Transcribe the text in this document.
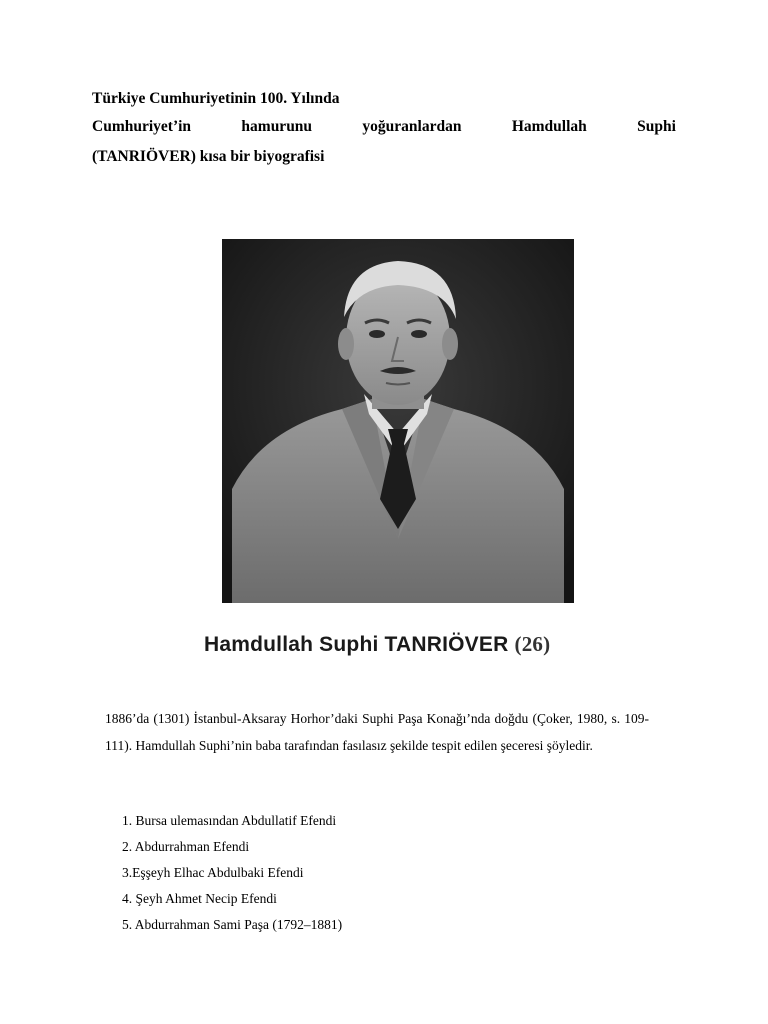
Türkiye Cumhuriyetinin 100. Yılında
Cumhuriyet’in	hamurunu	yoğuranlardan	Hamdullah	Suphi
(TANRIÖVER) kısa bir biyografisi
Hamdullah Suphi TANRIÖVER (26)
1886’da (1301) İstanbul-Aksaray Horhor’daki Suphi Paşa Konağı’nda doğdu (Çoker, 1980, s. 109-111). Hamdullah Suphi’nin baba tarafından fasılasız şekilde tespit edilen şeceresi şöyledir.
1. Bursa ulemasından Abdullatif Efendi
2. Abdurrahman Efendi
3.Eşşeyh Elhac Abdulbaki Efendi
4. Şeyh Ahmet Necip Efendi
5. Abdurrahman Sami Paşa (1792–1881)
